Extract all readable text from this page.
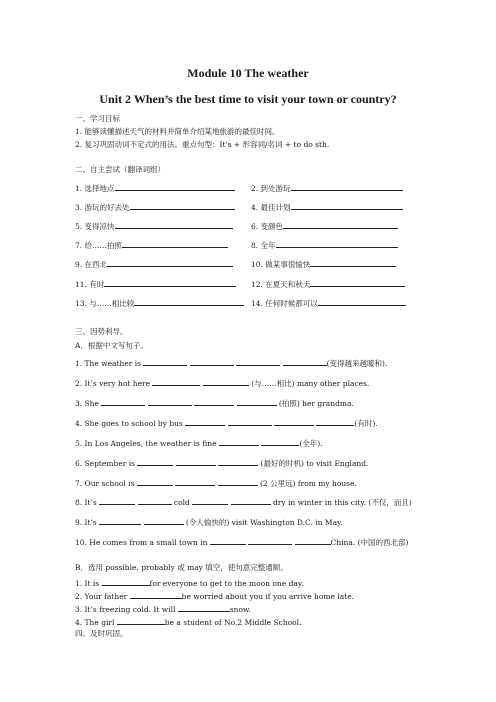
Module 10 The weather
Unit 2 When’s the best time to visit your town or country?
一、学习目标
1. 能够读懂描述天气的材料并简单介绍某地旅游的最佳时间。
2. 复习巩固动词不定式的用法。重点句型：It's + 形容词/名词 + to do sth.
二、自主尝试（翻译词组）
1. 选择地点	2. 到处游玩
3. 游玩的好去处	4. 最佳计划
5. 变得凉快	6. 变颜色
7. 给……拍照	8. 全年
9. 在西北	10. 做某事很愉快
11. 有时	12. 在夏天和秋天
13. 与……相比较	14. 任何时候都可以
三、因势利导。
A．根据中文写句子。
1. The weather is	(变得越来越暖和).
2. It’s very hot here	(与……相比) many other places.
3. She	(拍照) her grandma.
4. She goes to school by bus	(有时).
5. In Los Angeles, the weather is fine	(全年).
6. September is	(最好的时机) to visit England.
7. Our school is	(2 公里远) from my house.
8. It’s	cold	dry in winter in this city. (不仅，而且)
9. It’s	(令人愉快的) visit Washington D.C. in May.
10. He comes from a small town in	China. (中国的西北部)
B．选用 possible, probably 或 may 填空，使句意完整通顺。
1. It is	for everyone to get to the moon one day.
2. Your father	be worried about you if you arrive home late.
3. It’s freezing cold. It will	snow.
4. The girl	be a student of No.2 Middle School.
四、及时巩固。
